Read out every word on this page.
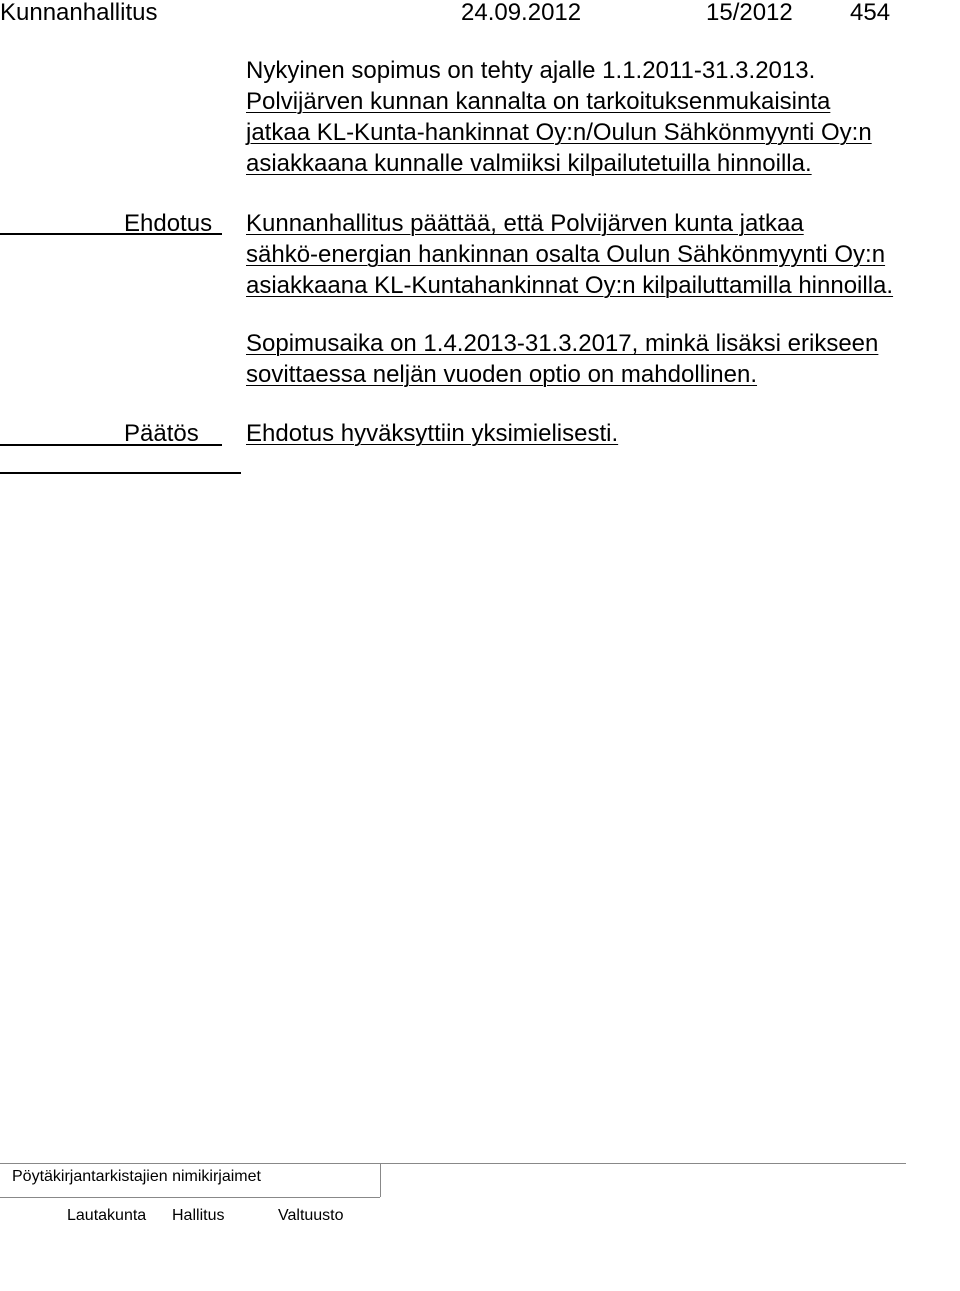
Kunnanhallitus	24.09.2012	15/2012 454
Nykyinen sopimus on tehty ajalle 1.1.2011-31.3.2013.
Polvijärven kunnan kannalta on tarkoituksenmukaisinta
jatkaa KL-Kunta-hankinnat Oy:n/Oulun Sähkönmyynti Oy:n
asiakkaana kunnalle valmiiksi kilpailutetuilla hinnoilla.
Ehdotus Kunnanhallitus päättää, että Polvijärven kunta jatkaa
sähkö-energian hankinnan osalta Oulun Sähkönmyynti Oy:n
asiakkaana KL-Kuntahankinnat Oy:n kilpailuttamilla hinnoilla.
Sopimusaika on 1.4.2013-31.3.2017, minkä lisäksi erikseen
sovittaessa neljän vuoden optio on mahdollinen.
Päätös Ehdotus hyväksyttiin yksimielisesti.
Pöytäkirjantarkistajien nimikirjaimet
Lautakunta Hallitus	Valtuusto
